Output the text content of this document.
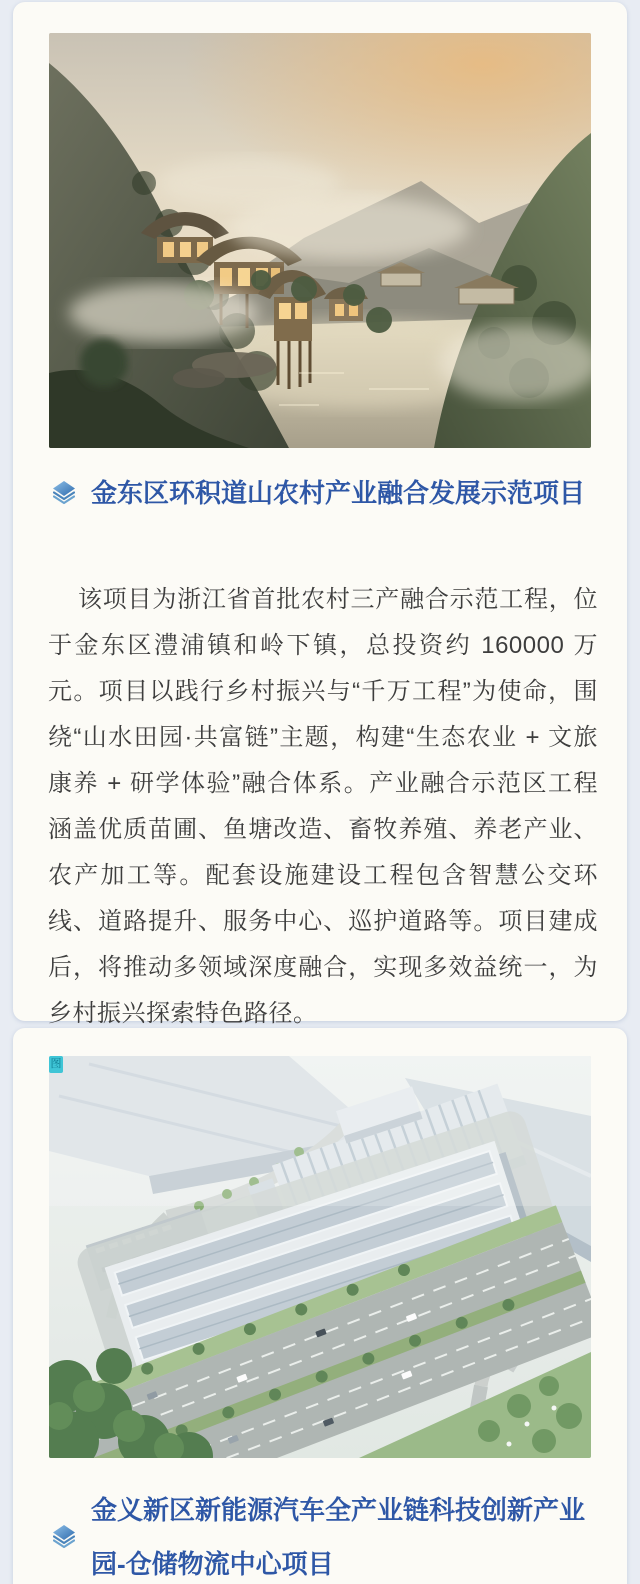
金东区环积道山农村产业融合发展示范项目

该项目为浙江省首批农村三产融合示范工程，位于金东区澧浦镇和岭下镇，总投资约 160000 万元。项目以践行乡村振兴与“千万工程”为使命，围绕“山水田园·共富链”主题，构建“生态农业 + 文旅康养 + 研学体验”融合体系。产业融合示范区工程涵盖优质苗圃、鱼塘改造、畜牧养殖、养老产业、农产加工等。配套设施建设工程包含智慧公交环线、道路提升、服务中心、巡护道路等。项目建成后，将推动多领域深度融合，实现多效益统一，为乡村振兴探索特色路径。

图
金义新区新能源汽车全产业链科技创新产业园-仓储物流中心项目
